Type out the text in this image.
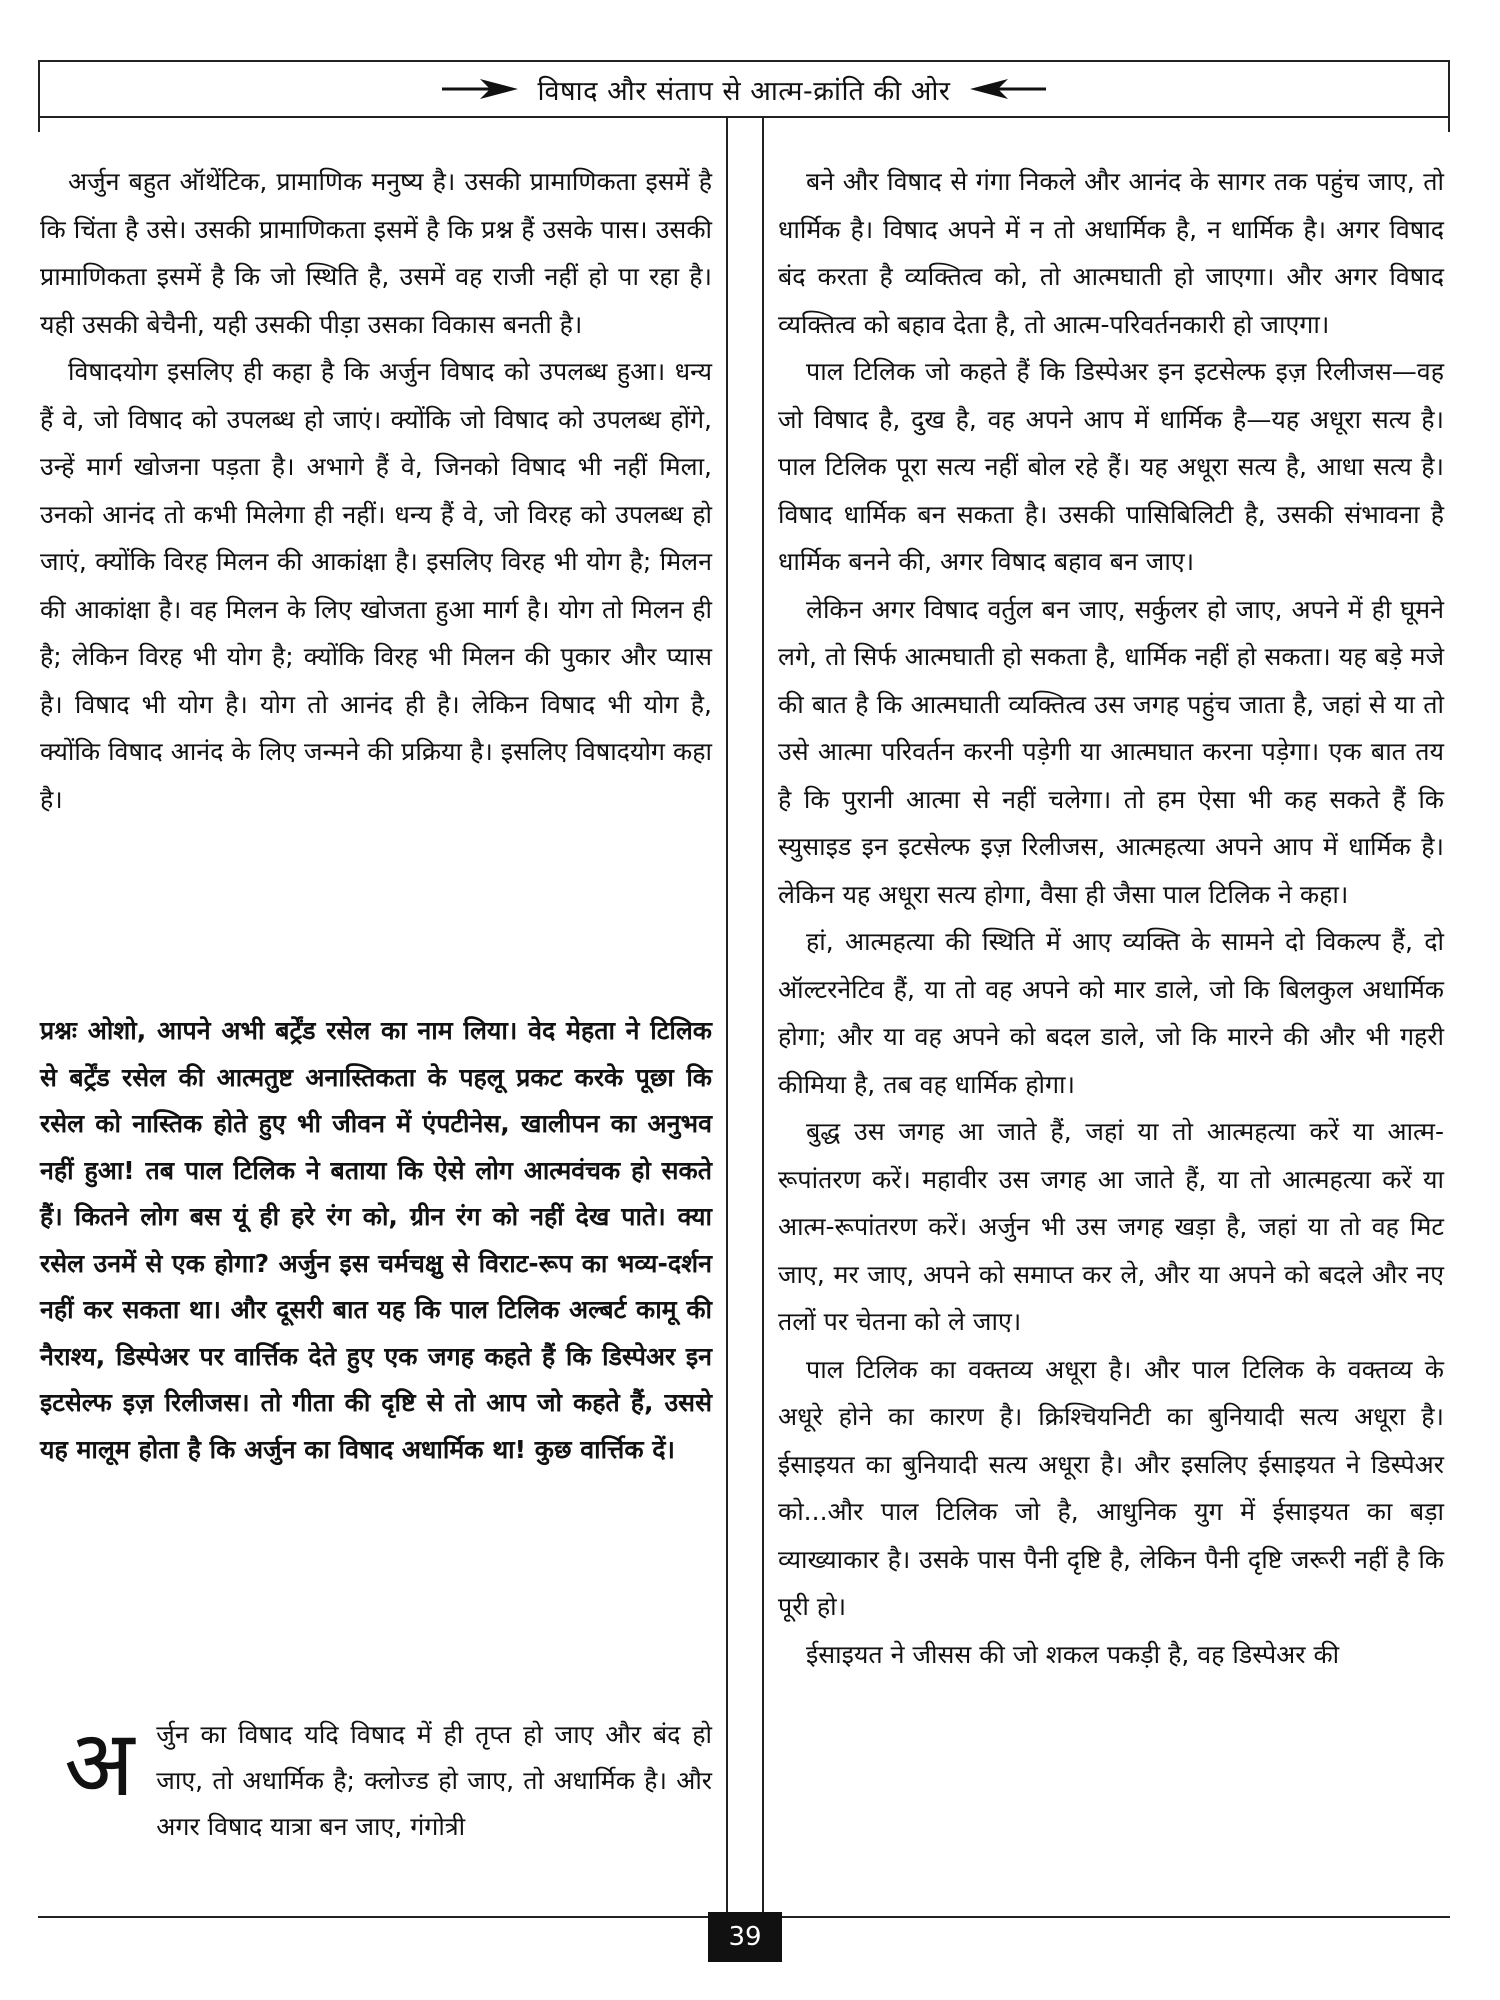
विषाद और संताप से आत्म-क्रांति की ओर

अर्जुन बहुत ऑथेंटिक, प्रामाणिक मनुष्य है। उसकी प्रामाणिकता इसमें है कि चिंता है उसे। उसकी प्रामाणिकता इसमें है कि प्रश्न हैं उसके पास। उसकी प्रामाणिकता इसमें है कि जो स्थिति है, उसमें वह राजी नहीं हो पा रहा है। यही उसकी बेचैनी, यही उसकी पीड़ा उसका विकास बनती है।

विषादयोग इसलिए ही कहा है कि अर्जुन विषाद को उपलब्ध हुआ। धन्य हैं वे, जो विषाद को उपलब्ध हो जाएं। क्योंकि जो विषाद को उपलब्ध होंगे, उन्हें मार्ग खोजना पड़ता है। अभागे हैं वे, जिनको विषाद भी नहीं मिला, उनको आनंद तो कभी मिलेगा ही नहीं। धन्य हैं वे, जो विरह को उपलब्ध हो जाएं, क्योंकि विरह मिलन की आकांक्षा है। इसलिए विरह भी योग है; मिलन की आकांक्षा है। वह मिलन के लिए खोजता हुआ मार्ग है। योग तो मिलन ही है; लेकिन विरह भी योग है; क्योंकि विरह भी मिलन की पुकार और प्यास है। विषाद भी योग है। योग तो आनंद ही है। लेकिन विषाद भी योग है, क्योंकि विषाद आनंद के लिए जन्मने की प्रक्रिया है। इसलिए विषादयोग कहा है।

प्रश्नः ओशो, आपने अभी बर्ट्रेंड रसेल का नाम लिया। वेद मेहता ने टिलिक से बर्ट्रेंड रसेल की आत्मतुष्ट अनास्तिकता के पहलू प्रकट करके पूछा कि रसेल को नास्तिक होते हुए भी जीवन में एंपटीनेस, खालीपन का अनुभव नहीं हुआ! तब पाल टिलिक ने बताया कि ऐसे लोग आत्मवंचक हो सकते हैं। कितने लोग बस यूं ही हरे रंग को, ग्रीन रंग को नहीं देख पाते। क्या रसेल उनमें से एक होगा? अर्जुन इस चर्मचक्षु से विराट-रूप का भव्य-दर्शन नहीं कर सकता था। और दूसरी बात यह कि पाल टिलिक अल्बर्ट कामू की नैराश्य, डिस्पेअर पर वार्त्तिक देते हुए एक जगह कहते हैं कि डिस्पेअर इन इटसेल्फ इज़ रिलीजस। तो गीता की दृष्टि से तो आप जो कहते हैं, उससे यह मालूम होता है कि अर्जुन का विषाद अधार्मिक था! कुछ वार्त्तिक दें।

अ र्जुन का विषाद यदि विषाद में ही तृप्त हो जाए और बंद हो जाए, तो अधार्मिक है; क्लोज्ड हो जाए, तो अधार्मिक है। और अगर विषाद यात्रा बन जाए, गंगोत्री

बने और विषाद से गंगा निकले और आनंद के सागर तक पहुंच जाए, तो धार्मिक है। विषाद अपने में न तो अधार्मिक है, न धार्मिक है। अगर विषाद बंद करता है व्यक्तित्व को, तो आत्मघाती हो जाएगा। और अगर विषाद व्यक्तित्व को बहाव देता है, तो आत्म-परिवर्तनकारी हो जाएगा।

पाल टिलिक जो कहते हैं कि डिस्पेअर इन इटसेल्फ इज़ रिलीजस—वह जो विषाद है, दुख है, वह अपने आप में धार्मिक है—यह अधूरा सत्य है। पाल टिलिक पूरा सत्य नहीं बोल रहे हैं। यह अधूरा सत्य है, आधा सत्य है। विषाद धार्मिक बन सकता है। उसकी पासिबिलिटी है, उसकी संभावना है धार्मिक बनने की, अगर विषाद बहाव बन जाए।

लेकिन अगर विषाद वर्तुल बन जाए, सर्कुलर हो जाए, अपने में ही घूमने लगे, तो सिर्फ आत्मघाती हो सकता है, धार्मिक नहीं हो सकता। यह बड़े मजे की बात है कि आत्मघाती व्यक्तित्व उस जगह पहुंच जाता है, जहां से या तो उसे आत्मा परिवर्तन करनी पड़ेगी या आत्मघात करना पड़ेगा। एक बात तय है कि पुरानी आत्मा से नहीं चलेगा। तो हम ऐसा भी कह सकते हैं कि स्युसाइड इन इटसेल्फ इज़ रिलीजस, आत्महत्या अपने आप में धार्मिक है। लेकिन यह अधूरा सत्य होगा, वैसा ही जैसा पाल टिलिक ने कहा।

हां, आत्महत्या की स्थिति में आए व्यक्ति के सामने दो विकल्प हैं, दो ऑल्टरनेटिव हैं, या तो वह अपने को मार डाले, जो कि बिलकुल अधार्मिक होगा; और या वह अपने को बदल डाले, जो कि मारने की और भी गहरी कीमिया है, तब वह धार्मिक होगा।

बुद्ध उस जगह आ जाते हैं, जहां या तो आत्महत्या करें या आत्म-रूपांतरण करें। महावीर उस जगह आ जाते हैं, या तो आत्महत्या करें या आत्म-रूपांतरण करें। अर्जुन भी उस जगह खड़ा है, जहां या तो वह मिट जाए, मर जाए, अपने को समाप्त कर ले, और या अपने को बदले और नए तलों पर चेतना को ले जाए।

पाल टिलिक का वक्तव्य अधूरा है। और पाल टिलिक के वक्तव्य के अधूरे होने का कारण है। क्रिश्चियनिटी का बुनियादी सत्य अधूरा है। ईसाइयत का बुनियादी सत्य अधूरा है। और इसलिए ईसाइयत ने डिस्पेअर को...और पाल टिलिक जो है, आधुनिक युग में ईसाइयत का बड़ा व्याख्याकार है। उसके पास पैनी दृष्टि है, लेकिन पैनी दृष्टि जरूरी नहीं है कि पूरी हो।

ईसाइयत ने जीसस की जो शकल पकड़ी है, वह डिस्पेअर की

39
